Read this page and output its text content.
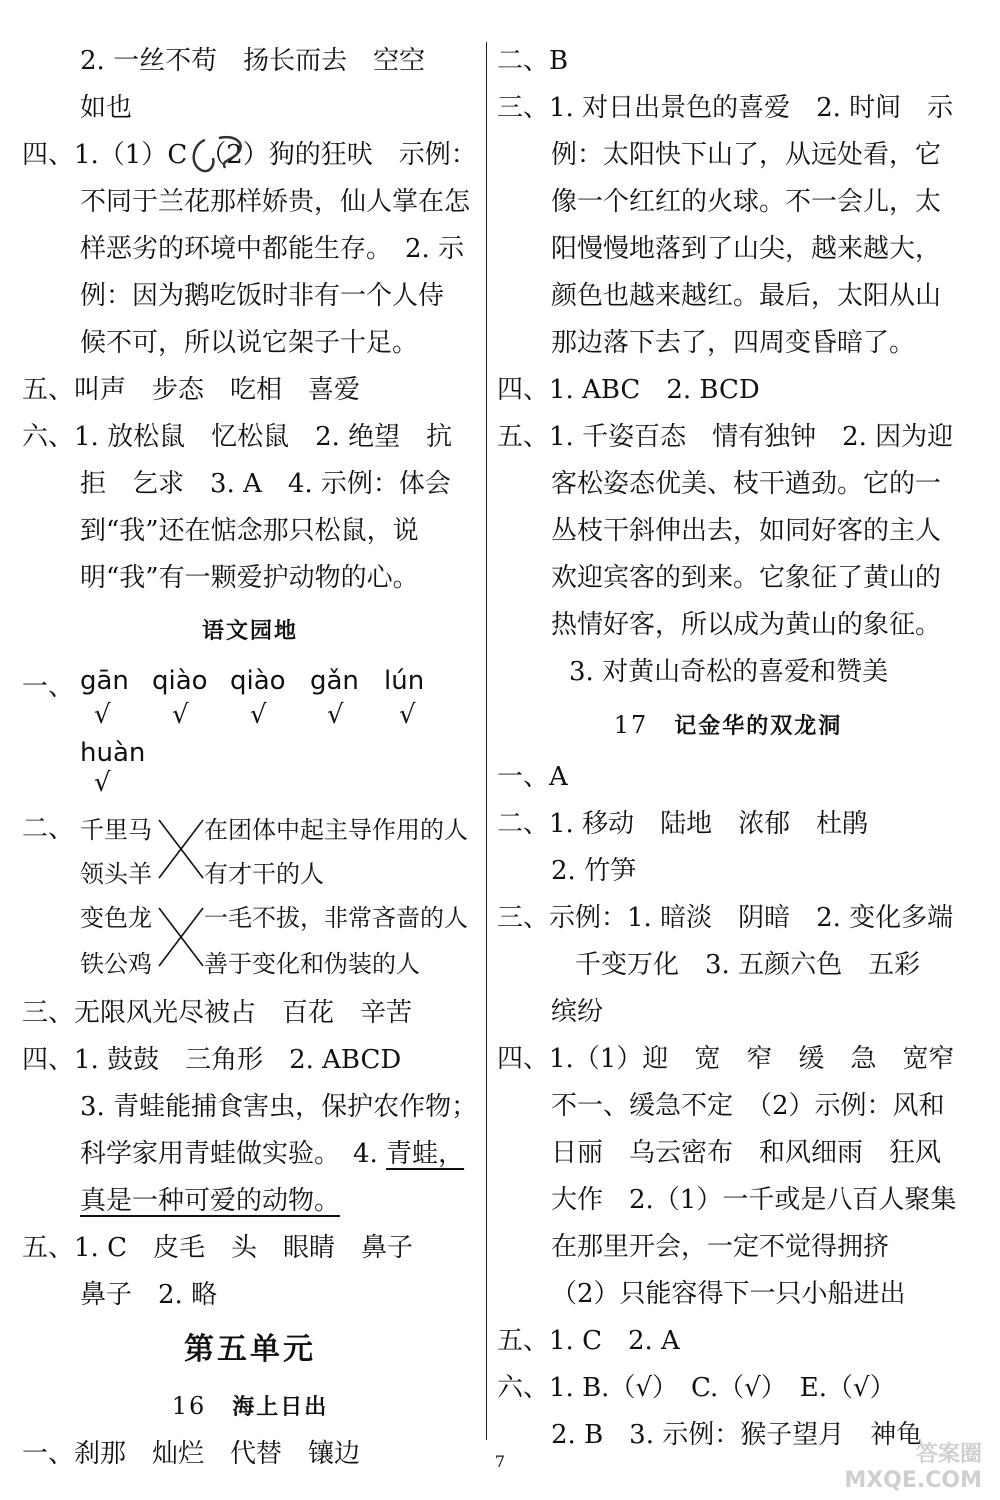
2. 一丝不苟　扬长而去　空空
如也
四、1.（1）C　（2）狗的狂吠　示例：
不同于兰花那样娇贵，仙人掌在怎
样恶劣的环境中都能生存。　2. 示
例：因为鹅吃饭时非有一个人侍
候不可，所以说它架子十足。
五、叫声　步态　吃相　喜爱
六、1. 放松鼠　忆松鼠　2. 绝望　抗
拒　乞求　3. A　4. 示例：体会
到“我”还在惦念那只松鼠，说
明“我”有一颗爱护动物的心。
语文园地
一、 gān qiào qiào gǎn lún
√ √ √ √ √
huàn
√
二、 千里马
领头羊
在团体中起主导作用的人
有才干的人
变色龙
铁公鸡
一毛不拔，非常吝啬的人
善于变化和伪装的人
三、无限风光尽被占　百花　辛苦
四、1. 鼓鼓　三角形　2. ABCD
3. 青蛙能捕食害虫，保护农作物；
科学家用青蛙做实验。　4. 青蛙，
真是一种可爱的动物。
五、1. C　皮毛　头　眼睛　鼻子
鼻子　2. 略
第五单元
16 海上日出
一、刹那　灿烂　代替　镶边
二、B
三、1. 对日出景色的喜爱　2. 时间　示
例：太阳快下山了，从远处看，它
像一个红红的火球。不一会儿，太
阳慢慢地落到了山尖，越来越大，
颜色也越来越红。最后，太阳从山
那边落下去了，四周变昏暗了。
四、1. ABC　2. BCD
五、1. 千姿百态　情有独钟　2. 因为迎
客松姿态优美、枝干遒劲。它的一
丛枝干斜伸出去，如同好客的主人
欢迎宾客的到来。它象征了黄山的
热情好客，所以成为黄山的象征。
3. 对黄山奇松的喜爱和赞美
17 记金华的双龙洞
一、A
二、1. 移动　陆地　浓郁　杜鹃
2. 竹笋
三、示例：1. 暗淡　阴暗　2. 变化多端
千变万化　3. 五颜六色　五彩
缤纷
四、1.（1）迎　宽　窄　缓　急　宽窄
不一、缓急不定　（2）示例：风和
日丽　乌云密布　和风细雨　狂风
大作　2.（1）一千或是八百人聚集
在那里开会，一定不觉得拥挤
（2）只能容得下一只小船进出
五、1. C　2. A
六、1. B.（√）　C.（√）　E.（√）
2. B　3. 示例：猴子望月　神龟
7	答案圈
MXQE.COM
